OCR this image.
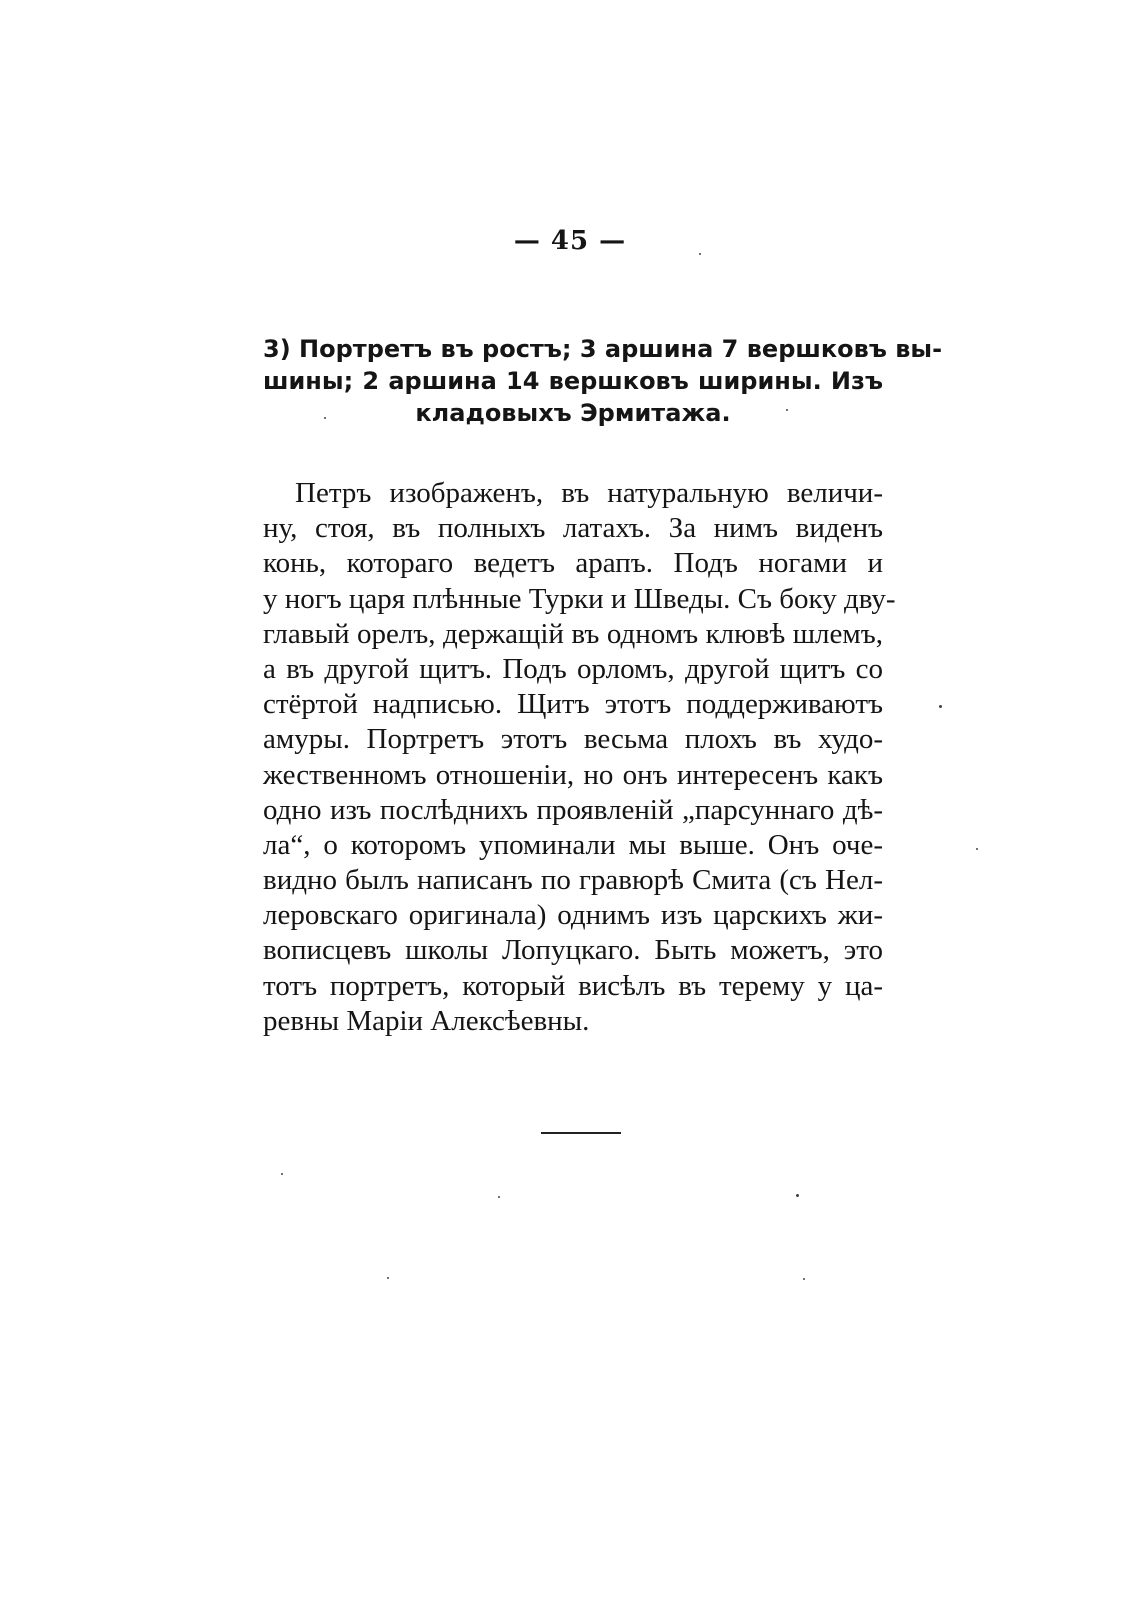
— 45 —
3) Портретъ въ ростъ; 3 аршина 7 вершковъ вы-
шины; 2 аршина 14 вершковъ ширины. Изъ
кладовыхъ Эрмитажа.
Петръ изображенъ, въ натуральную величи-
ну, стоя, въ полныхъ латахъ. За нимъ виденъ
конь, котораго ведетъ арапъ. Подъ ногами и
у ногъ царя плѣнные Турки и Шведы. Съ боку дву-
главый орелъ, держащій въ одномъ клювѣ шлемъ,
а въ другой щитъ. Подъ орломъ, другой щитъ со
стёртой надписью. Щитъ этотъ поддерживаютъ
амуры. Портретъ этотъ весьма плохъ въ худо-
жественномъ отношеніи, но онъ интересенъ какъ
одно изъ послѣднихъ проявленій „парсуннаго дѣ-
ла“, о которомъ упоминали мы выше. Онъ оче-
видно былъ написанъ по гравюрѣ Смита (съ Нел-
леровскаго оригинала) однимъ изъ царскихъ жи-
вописцевъ школы Лопуцкаго. Быть можетъ, это
тотъ портретъ, который висѣлъ въ терему у ца-
ревны Маріи Алексѣевны.
